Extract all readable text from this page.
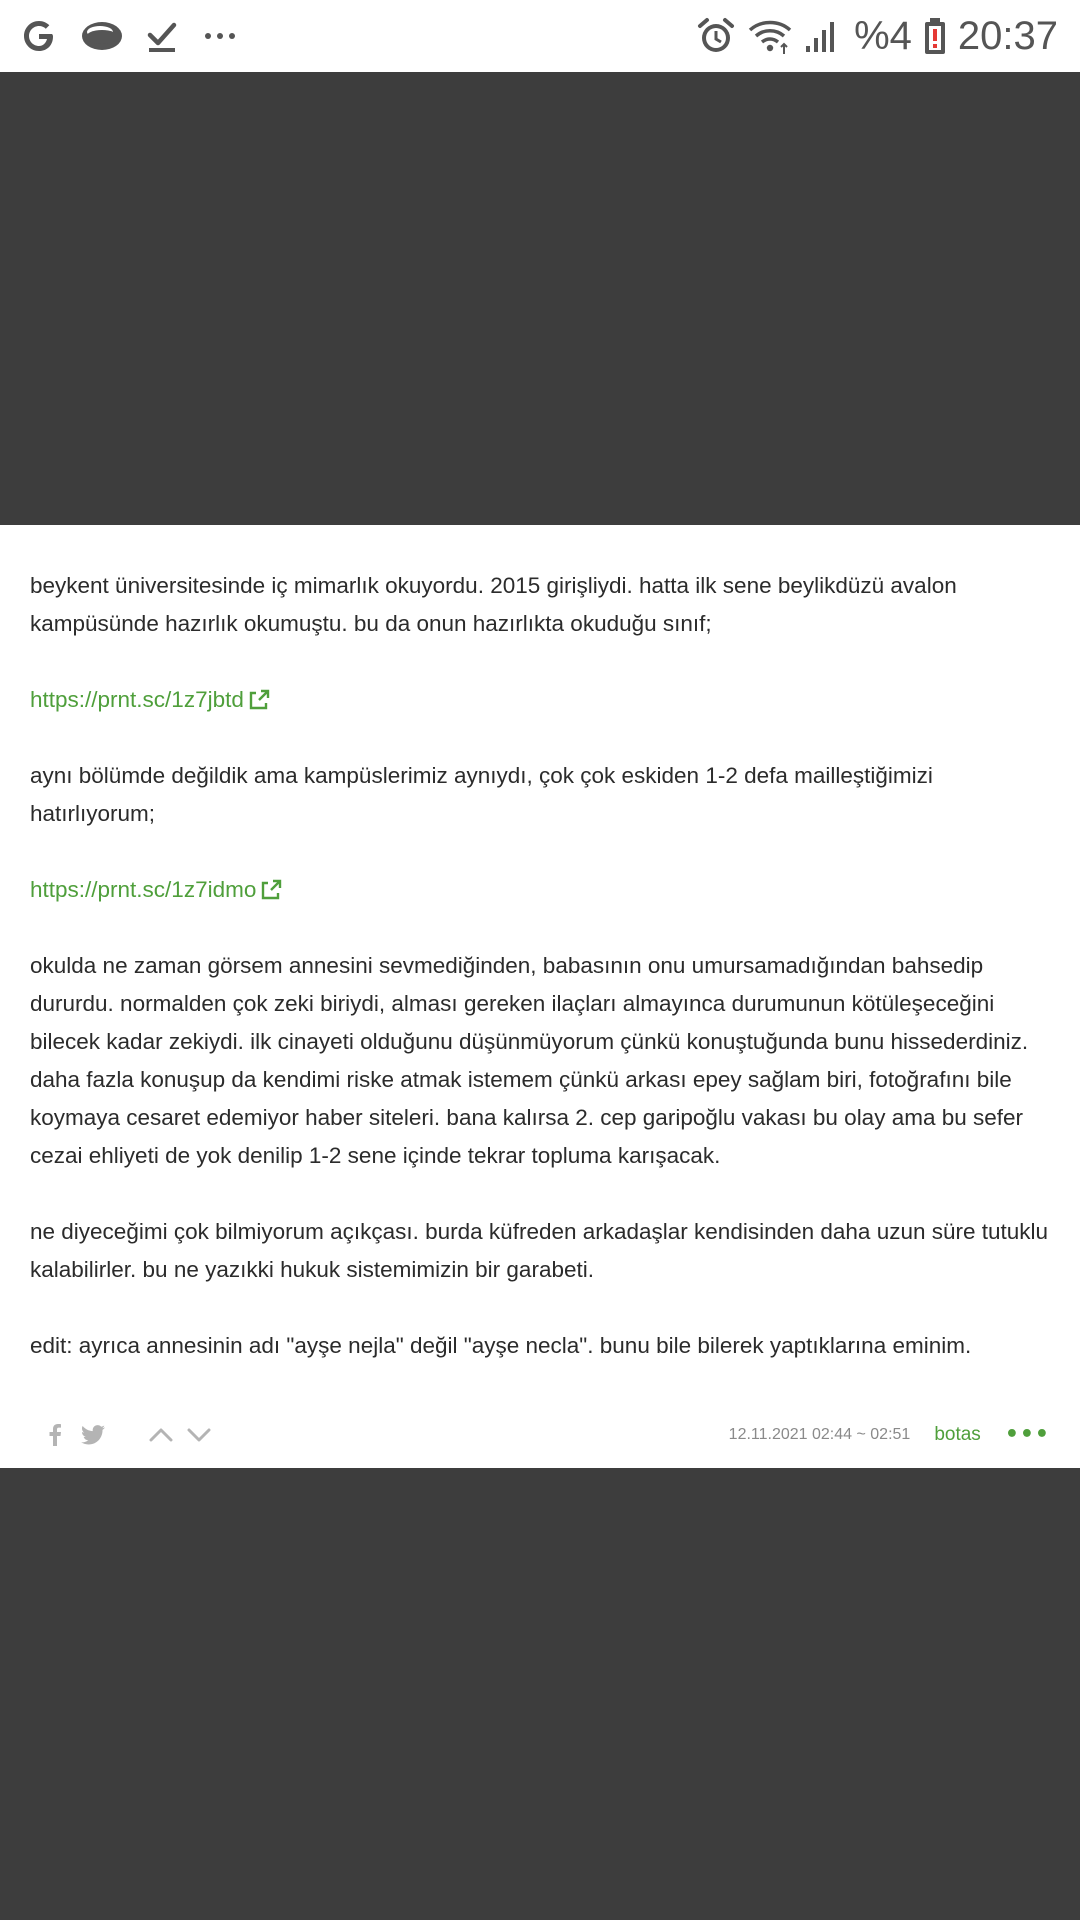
%4 20:37

beykent üniversitesinde iç mimarlık okuyordu. 2015 girişliydi. hatta ilk sene beylikdüzü avalon kampüsünde hazırlık okumuştu. bu da onun hazırlıkta okuduğu sınıf;

https://prnt.sc/1z7jbtd

aynı bölümde değildik ama kampüslerimiz aynıydı, çok çok eskiden 1-2 defa mailleştiğimizi hatırlıyorum;

https://prnt.sc/1z7idmo

okulda ne zaman görsem annesini sevmediğinden, babasının onu umursamadığından bahsedip dururdu. normalden çok zeki biriydi, alması gereken ilaçları almayınca durumunun kötüleşeceğini bilecek kadar zekiydi. ilk cinayeti olduğunu düşünmüyorum çünkü konuştuğunda bunu hissederdiniz. daha fazla konuşup da kendimi riske atmak istemem çünkü arkası epey sağlam biri, fotoğrafını bile koymaya cesaret edemiyor haber siteleri. bana kalırsa 2. cep garipoğlu vakası bu olay ama bu sefer cezai ehliyeti de yok denilip 1-2 sene içinde tekrar topluma karışacak.

ne diyeceğimi çok bilmiyorum açıkçası. burda küfreden arkadaşlar kendisinden daha uzun süre tutuklu kalabilirler. bu ne yazıkki hukuk sistemimizin bir garabeti.

edit: ayrıca annesinin adı "ayşe nejla" değil "ayşe necla". bunu bile bilerek yaptıklarına eminim.

12.11.2021 02:44 ~ 02:51 botas •••
